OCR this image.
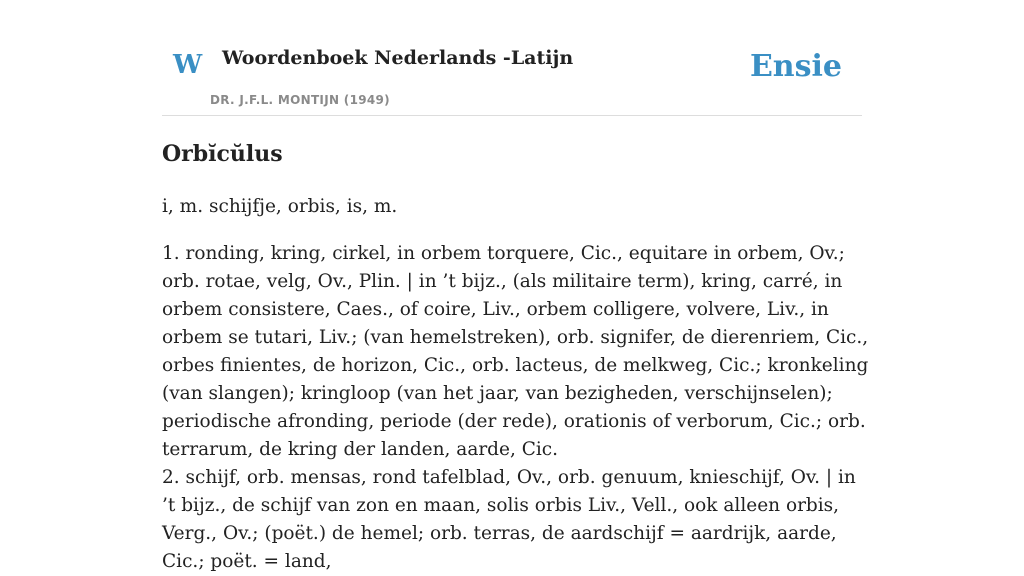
W Woordenboek Nederlands -Latijn
DR. J.F.L. MONTIJN (1949)
Ensie
Orbĭcŭlus

i, m. schijfje, orbis, is, m.

1. ronding, kring, cirkel, in orbem torquere, Cic., equitare in orbem, Ov.; orb. rotae, velg, Ov., Plin. | in ’t bijz., (als militaire term), kring, carré, in orbem consistere, Caes., of coire, Liv., orbem colligere, volvere, Liv., in orbem se tutari, Liv.; (van hemelstreken), orb. signifer, de dierenriem, Cic., orbes finientes, de horizon, Cic., orb. lacteus, de melkweg, Cic.; kronkeling (van slangen); kringloop (van het jaar, van bezigheden, verschijnselen); periodische afronding, periode (der rede), orationis of verborum, Cic.; orb. terrarum, de kring der landen, aarde, Cic.

2. schijf, orb. mensas, rond tafelblad, Ov., orb. genuum, knieschijf, Ov. | in ’t bijz., de schijf van zon en maan, solis orbis Liv., Vell., ook alleen orbis, Verg., Ov.; (poët.) de hemel; orb. terras, de aardschijf = aardrijk, aarde, Cic.; poët. = land,
